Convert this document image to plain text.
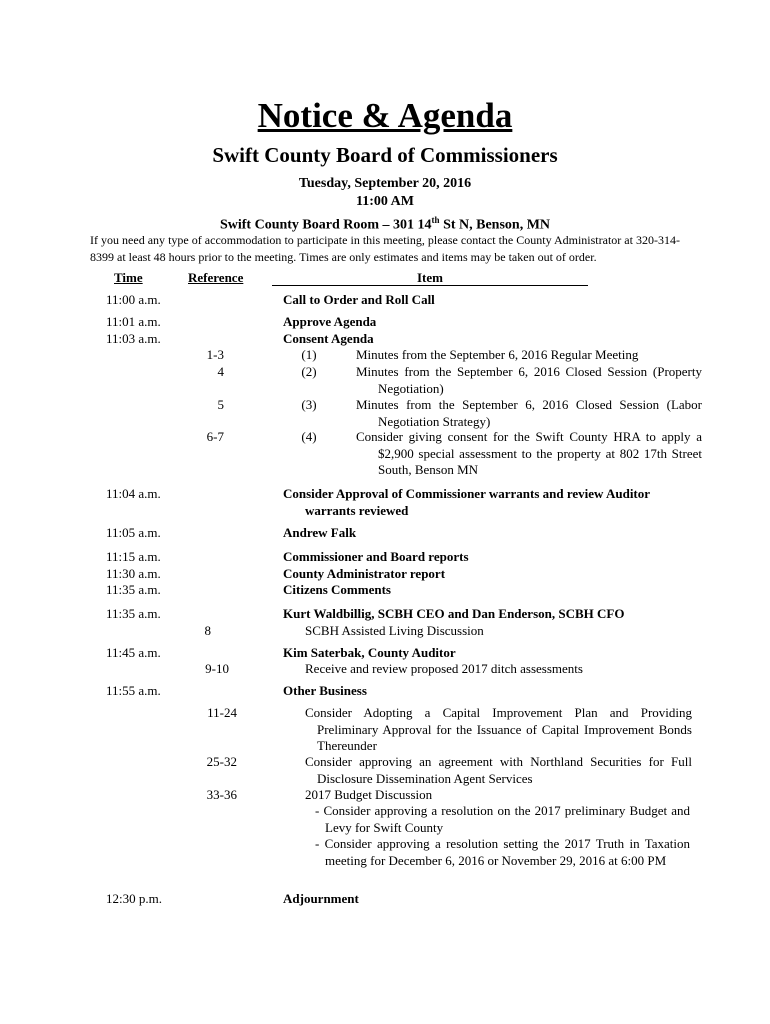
Notice & Agenda
Swift County Board of Commissioners
Tuesday, September 20, 2016
11:00 AM
Swift County Board Room – 301 14th St N, Benson, MN
If you need any type of accommodation to participate in this meeting, please contact the County Administrator at 320-314-8399 at least 48 hours prior to the meeting. Times are only estimates and items may be taken out of order.
Time	Reference	Item
11:00 a.m.	Call to Order and Roll Call
11:01 a.m.	Approve Agenda
11:03 a.m.	Consent Agenda
1-3	(1)	Minutes from the September 6, 2016 Regular Meeting
4	(2)	Minutes from the September 6, 2016 Closed Session (Property Negotiation)
5	(3)	Minutes from the September 6, 2016 Closed Session (Labor Negotiation Strategy)
6-7	(4)	Consider giving consent for the Swift County HRA to apply a $2,900 special assessment to the property at 802 17th Street South, Benson MN
11:04 a.m.	Consider Approval of Commissioner warrants and review Auditor warrants reviewed
11:05 a.m.	Andrew Falk
11:15 a.m.	Commissioner and Board reports
11:30 a.m.	County Administrator report
11:35 a.m.	Citizens Comments
11:35 a.m.	Kurt Waldbillig, SCBH CEO and Dan Enderson, SCBH CFO
8	SCBH Assisted Living Discussion
11:45 a.m.	Kim Saterbak, County Auditor
9-10	Receive and review proposed 2017 ditch assessments
11:55 a.m.	Other Business
11-24	Consider Adopting a Capital Improvement Plan and Providing Preliminary Approval for the Issuance of Capital Improvement Bonds Thereunder
25-32	Consider approving an agreement with Northland Securities for Full Disclosure Dissemination Agent Services
33-36	2017 Budget Discussion
- Consider approving a resolution on the 2017 preliminary Budget and Levy for Swift County
- Consider approving a resolution setting the 2017 Truth in Taxation meeting for December 6, 2016 or November 29, 2016 at 6:00 PM
12:30 p.m.	Adjournment
